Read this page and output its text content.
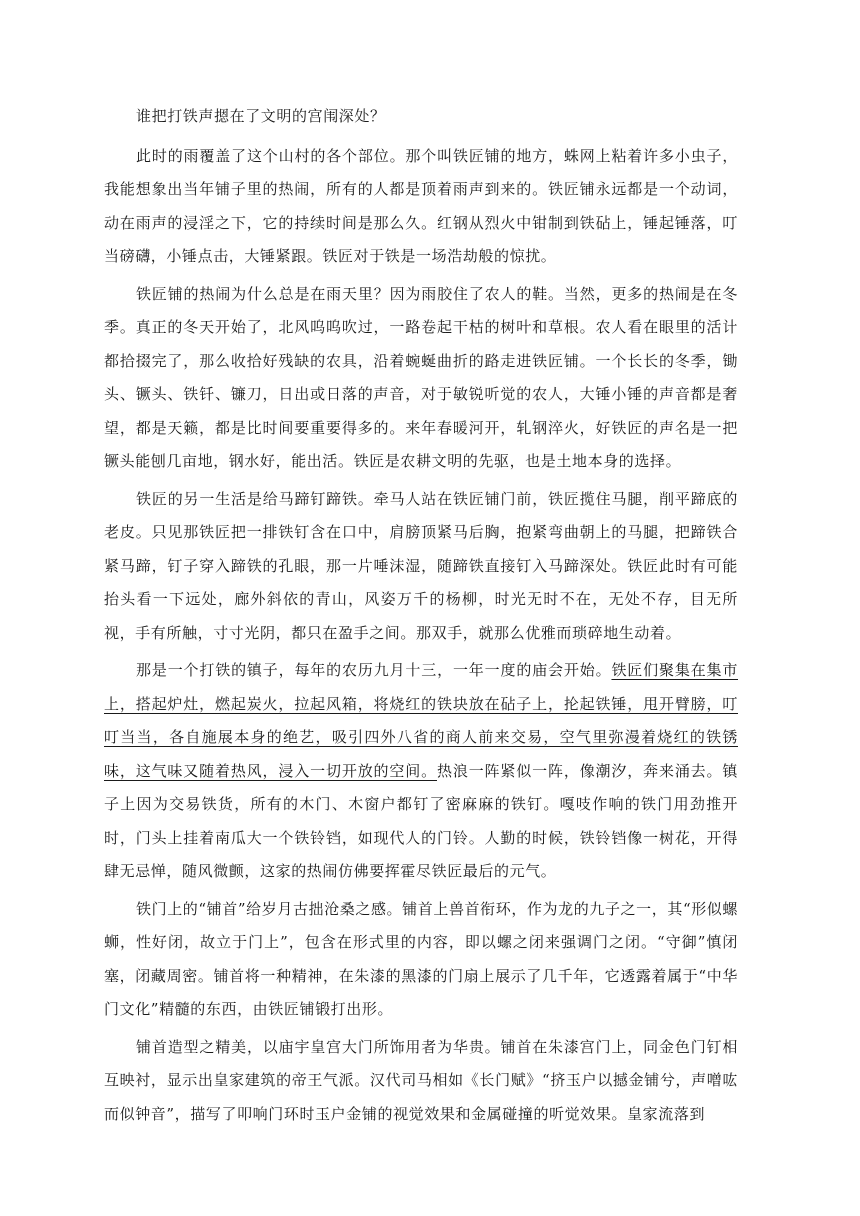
谁把打铁声摁在了文明的宫闱深处？

此时的雨覆盖了这个山村的各个部位。那个叫铁匠铺的地方，蛛网上粘着许多小虫子，我能想象出当年铺子里的热闹，所有的人都是顶着雨声到来的。铁匠铺永远都是一个动词，动在雨声的浸淫之下，它的持续时间是那么久。红钢从烈火中钳制到铁砧上，锤起锤落，叮当磅礴，小锤点击，大锤紧跟。铁匠对于铁是一场浩劫般的惊扰。

铁匠铺的热闹为什么总是在雨天里？因为雨胶住了农人的鞋。当然，更多的热闹是在冬季。真正的冬天开始了，北风呜呜吹过，一路卷起干枯的树叶和草根。农人看在眼里的活计都拾掇完了，那么收拾好残缺的农具，沿着蜿蜒曲折的路走进铁匠铺。一个长长的冬季，锄头、镢头、铁钎、镰刀，日出或日落的声音，对于敏锐听觉的农人，大锤小锤的声音都是奢望，都是天籁，都是比时间要重要得多的。来年春暖河开，轧钢淬火，好铁匠的声名是一把镢头能刨几亩地，钢水好，能出活。铁匠是农耕文明的先驱，也是土地本身的选择。

铁匠的另一生活是给马蹄钉蹄铁。牵马人站在铁匠铺门前，铁匠揽住马腿，削平蹄底的老皮。只见那铁匠把一排铁钉含在口中，肩膀顶紧马后胸，抱紧弯曲朝上的马腿，把蹄铁合紧马蹄，钉子穿入蹄铁的孔眼，那一片唾沫湿，随蹄铁直接钉入马蹄深处。铁匠此时有可能抬头看一下远处，廊外斜依的青山，风姿万千的杨柳，时光无时不在，无处不存，目无所视，手有所触，寸寸光阴，都只在盈手之间。那双手，就那么优雅而琐碎地生动着。

那是一个打铁的镇子，每年的农历九月十三，一年一度的庙会开始。铁匠们聚集在集市上，搭起炉灶，燃起炭火，拉起风箱，将烧红的铁块放在砧子上，抡起铁锤，甩开臂膀，叮叮当当，各自施展本身的绝艺，吸引四外八省的商人前来交易，空气里弥漫着烧红的铁锈味，这气味又随着热风，浸入一切开放的空间。热浪一阵紧似一阵，像潮汐，奔来涌去。镇子上因为交易铁货，所有的木门、木窗户都钉了密麻麻的铁钉。嘎吱作响的铁门用劲推开时，门头上挂着南瓜大一个铁铃铛，如现代人的门铃。人勤的时候，铁铃铛像一树花，开得肆无忌惮，随风微颤，这家的热闹仿佛要挥霍尽铁匠最后的元气。

铁门上的“铺首”给岁月古拙沧桑之感。铺首上兽首衔环，作为龙的九子之一，其“形似螺蛳，性好闭，故立于门上”，包含在形式里的内容，即以螺之闭来强调门之闭。“守御”慎闭塞，闭藏周密。铺首将一种精神，在朱漆的黑漆的门扇上展示了几千年，它透露着属于“中华门文化”精髓的东西，由铁匠铺锻打出形。

铺首造型之精美，以庙宇皇宫大门所饰用者为华贵。铺首在朱漆宫门上，同金色门钉相互映衬，显示出皇家建筑的帝王气派。汉代司马相如《长门赋》“挤玉户以撼金铺兮，声噌吰而似钟音”，描写了叩响门环时玉户金铺的视觉效果和金属碰撞的听觉效果。皇家流落到
